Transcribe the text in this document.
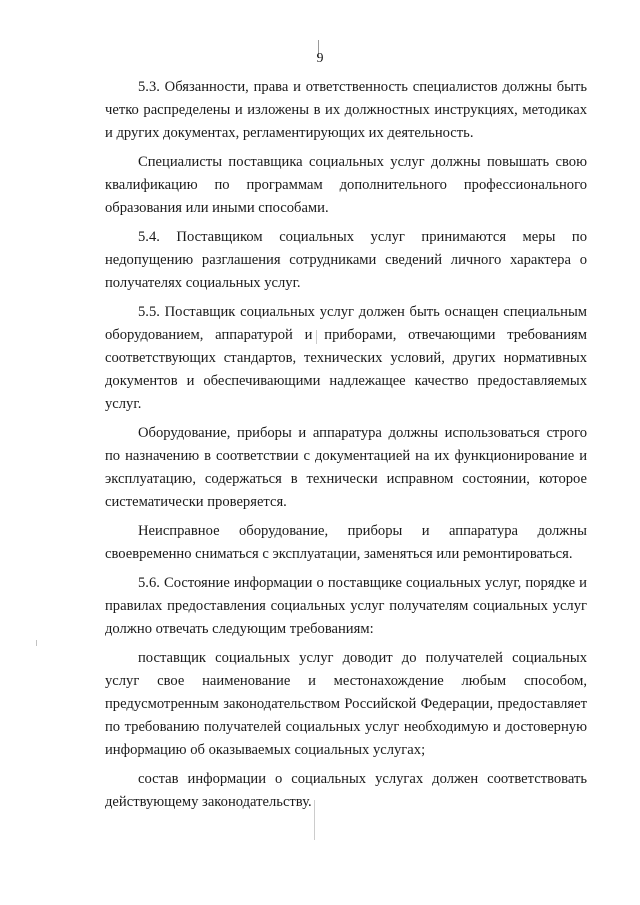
9

5.3. Обязанности, права и ответственность специалистов должны быть четко распределены и изложены в их должностных инструкциях, методиках и других документах, регламентирующих их деятельность.

Специалисты поставщика социальных услуг должны повышать свою квалификацию по программам дополнительного профессионального образования или иными способами.

5.4. Поставщиком социальных услуг принимаются меры по недопущению разглашения сотрудниками сведений личного характера о получателях социальных услуг.

5.5. Поставщик социальных услуг должен быть оснащен специальным оборудованием, аппаратурой и приборами, отвечающими требованиям соответствующих стандартов, технических условий, других нормативных документов и обеспечивающими надлежащее качество предоставляемых услуг.

Оборудование, приборы и аппаратура должны использоваться строго по назначению в соответствии с документацией на их функционирование и эксплуатацию, содержаться в технически исправном состоянии, которое систематически проверяется.

Неисправное оборудование, приборы и аппаратура должны своевременно сниматься с эксплуатации, заменяться или ремонтироваться.

5.6. Состояние информации о поставщике социальных услуг, порядке и правилах предоставления социальных услуг получателям социальных услуг должно отвечать следующим требованиям:

поставщик социальных услуг доводит до получателей социальных услуг свое наименование и местонахождение любым способом, предусмотренным законодательством Российской Федерации, предоставляет по требованию получателей социальных услуг необходимую и достоверную информацию об оказываемых социальных услугах;

состав информации о социальных услугах должен соответствовать действующему законодательству.
